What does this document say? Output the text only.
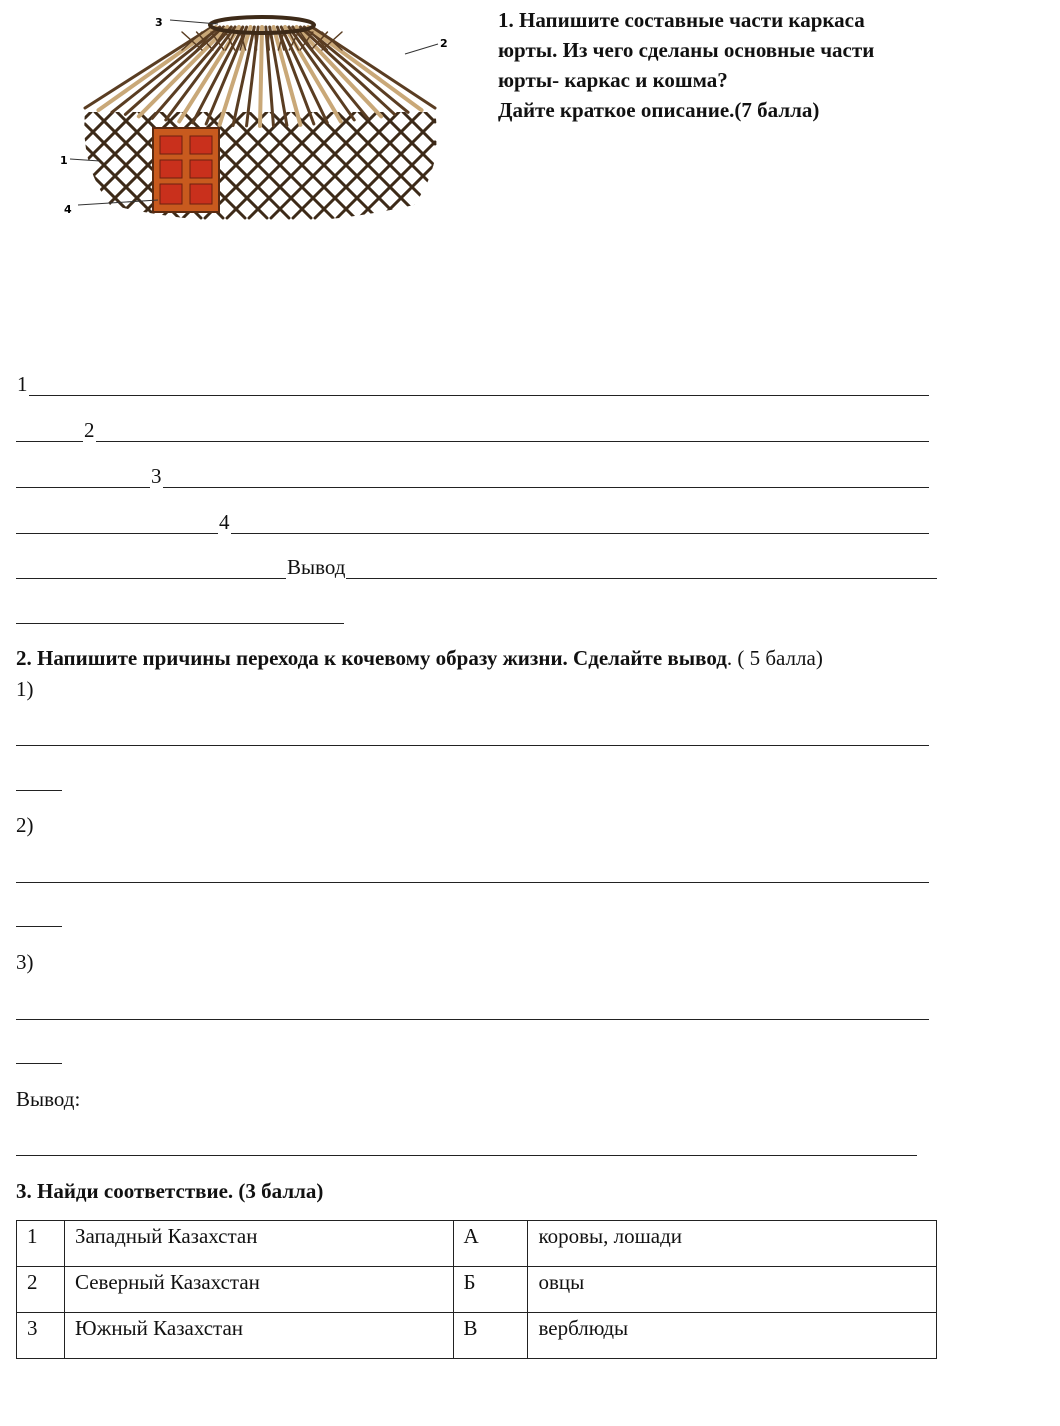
1
2
3
4
1. Напишите составные части каркаса
юрты. Из чего сделаны основные части
юрты- каркас и кошма?
Дайте краткое описание.(7 балла)
1
2
3
4
Вывод
2. Напишите причины перехода к кочевому образу жизни. Сделайте вывод. ( 5 балла)
1)
2)
3)
Вывод:
3. Найди соответствие. (3 балла)
1	Западный Казахстан	А	коровы, лошади
2	Северный Казахстан	Б	овцы
3	Южный Казахстан	В	верблюды
